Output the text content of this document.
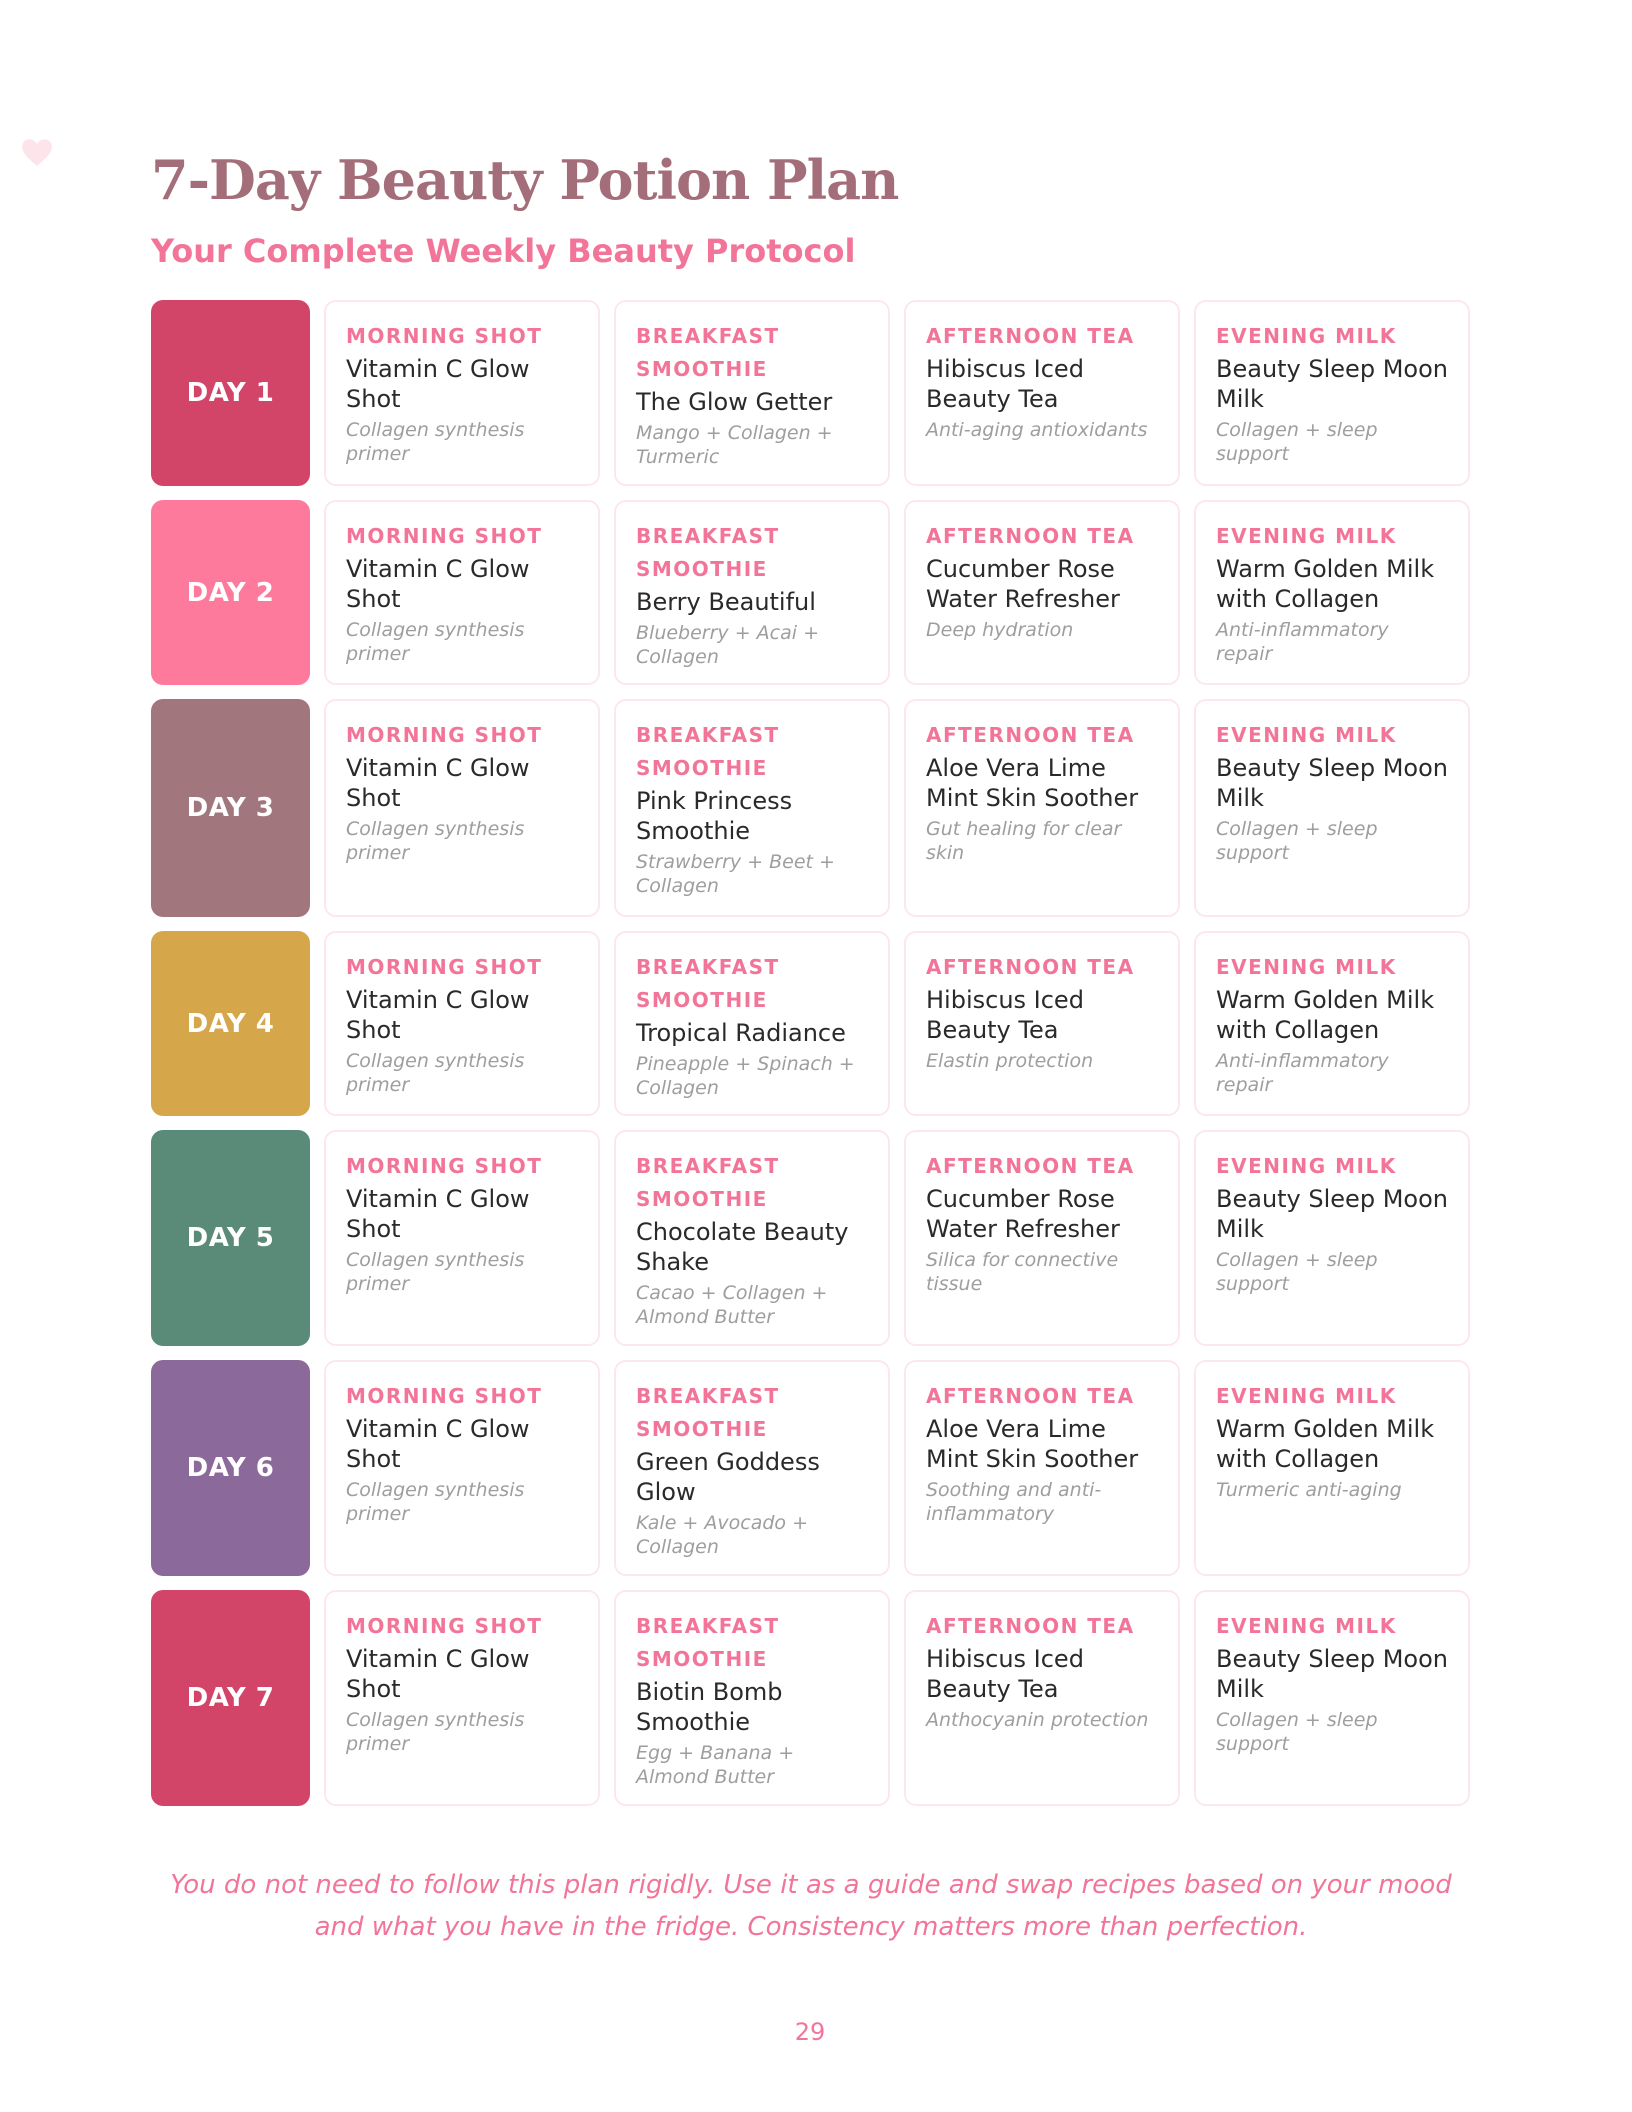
7-Day Beauty Potion Plan
Your Complete Weekly Beauty Protocol
DAY 1
MORNING SHOT
Vitamin C Glow Shot
Collagen synthesis primer
BREAKFAST SMOOTHIE
The Glow Getter
Mango + Collagen + Turmeric
AFTERNOON TEA
Hibiscus Iced Beauty Tea
Anti-aging antioxidants
EVENING MILK
Beauty Sleep Moon Milk
Collagen + sleep support
DAY 2
MORNING SHOT
Vitamin C Glow Shot
Collagen synthesis primer
BREAKFAST SMOOTHIE
Berry Beautiful
Blueberry + Acai + Collagen
AFTERNOON TEA
Cucumber Rose Water Refresher
Deep hydration
EVENING MILK
Warm Golden Milk with Collagen
Anti-inflammatory repair
DAY 3
MORNING SHOT
Vitamin C Glow Shot
Collagen synthesis primer
BREAKFAST SMOOTHIE
Pink Princess Smoothie
Strawberry + Beet + Collagen
AFTERNOON TEA
Aloe Vera Lime Mint Skin Soother
Gut healing for clear skin
EVENING MILK
Beauty Sleep Moon Milk
Collagen + sleep support
DAY 4
MORNING SHOT
Vitamin C Glow Shot
Collagen synthesis primer
BREAKFAST SMOOTHIE
Tropical Radiance
Pineapple + Spinach + Collagen
AFTERNOON TEA
Hibiscus Iced Beauty Tea
Elastin protection
EVENING MILK
Warm Golden Milk with Collagen
Anti-inflammatory repair
DAY 5
MORNING SHOT
Vitamin C Glow Shot
Collagen synthesis primer
BREAKFAST SMOOTHIE
Chocolate Beauty Shake
Cacao + Collagen + Almond Butter
AFTERNOON TEA
Cucumber Rose Water Refresher
Silica for connective tissue
EVENING MILK
Beauty Sleep Moon Milk
Collagen + sleep support
DAY 6
MORNING SHOT
Vitamin C Glow Shot
Collagen synthesis primer
BREAKFAST SMOOTHIE
Green Goddess Glow
Kale + Avocado + Collagen
AFTERNOON TEA
Aloe Vera Lime Mint Skin Soother
Soothing and anti-inflammatory
EVENING MILK
Warm Golden Milk with Collagen
Turmeric anti-aging
DAY 7
MORNING SHOT
Vitamin C Glow Shot
Collagen synthesis primer
BREAKFAST SMOOTHIE
Biotin Bomb Smoothie
Egg + Banana + Almond Butter
AFTERNOON TEA
Hibiscus Iced Beauty Tea
Anthocyanin protection
EVENING MILK
Beauty Sleep Moon Milk
Collagen + sleep support

You do not need to follow this plan rigidly. Use it as a guide and swap recipes based on your mood and what you have in the fridge. Consistency matters more than perfection.

29
